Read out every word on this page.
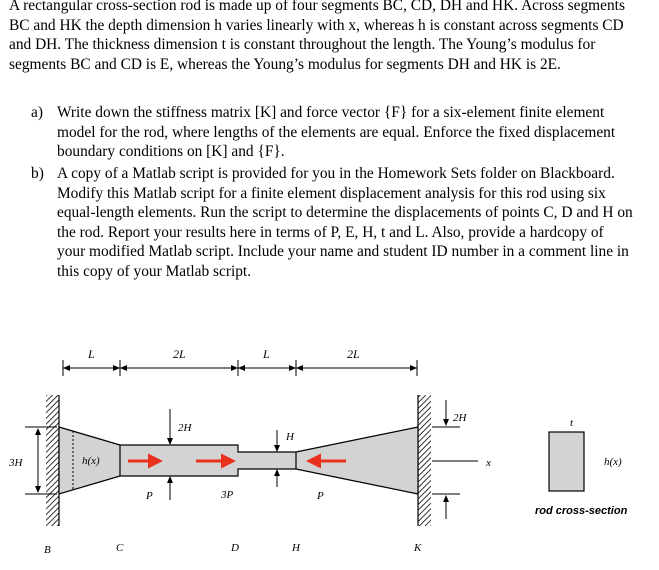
A rectangular cross-section rod is made up of four segments BC, CD, DH and HK. Across segments BC and HK the depth dimension h varies linearly with x, whereas h is constant across segments CD and DH. The thickness dimension t is constant throughout the length. The Young’s modulus for segments BC and CD is E, whereas the Young’s modulus for segments DH and HK is 2E.

a) Write down the stiffness matrix [K] and force vector {F} for a six-element finite element model for the rod, where lengths of the elements are equal. Enforce the fixed displacement boundary conditions on [K] and {F}.
b) A copy of a Matlab script is provided for you in the Homework Sets folder on Blackboard. Modify this Matlab script for a finite element displacement analysis for this rod using six equal-length elements. Run the script to determine the displacements of points C, D and H on the rod. Report your results here in terms of P, E, H, t and L. Also, provide a hardcopy of your modified Matlab script. Include your name and student ID number in a comment line in this copy of your Matlab script.
L	2L	L	2L
h(x)
3H
2H
H
2H
x
P	3P	P
B	C	D	H	K
t
h(x)
rod cross-section
